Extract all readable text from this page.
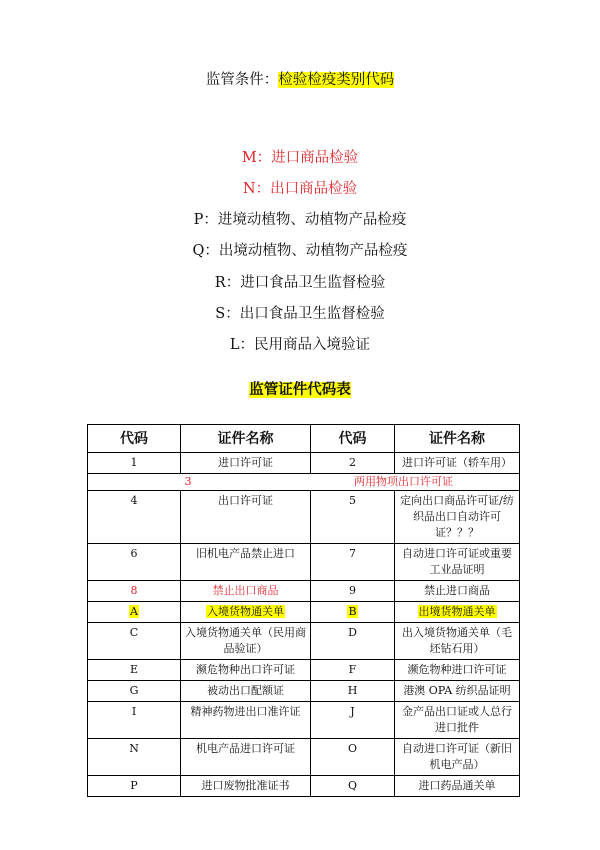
监管条件：检验检疫类别代码
M：进口商品检验
N：出口商品检验
P：进境动植物、动植物产品检疫
Q：出境动植物、动植物产品检疫
R：进口食品卫生监督检验
S：出口食品卫生监督检验
L：民用商品入境验证
监管证件代码表
代码	证件名称	代码	证件名称
1	进口许可证	2	进口许可证（轿车用）

3 两用物项出口许可证			

4	出口许可证	5	定向出口商品许可证/纺织品出口自动许可证？？？
6	旧机电产品禁止进口	7	自动进口许可证或重要工业品证明
8	禁止出口商品	9	禁止进口商品
A	入境货物通关单	B	出境货物通关单
C	入境货物通关单（民用商品验证）	D	出入境货物通关单（毛坯钻石用）
E	濒危物种出口许可证	F	濒危物种进口许可证
G	被动出口配额证	H	港澳 OPA 纺织品证明
I	精神药物进出口准许证	J	金产品出口证或人总行进口批件
N	机电产品进口许可证	O	自动进口许可证（新旧机电产品）
P	进口废物批准证书	Q	进口药品通关单
